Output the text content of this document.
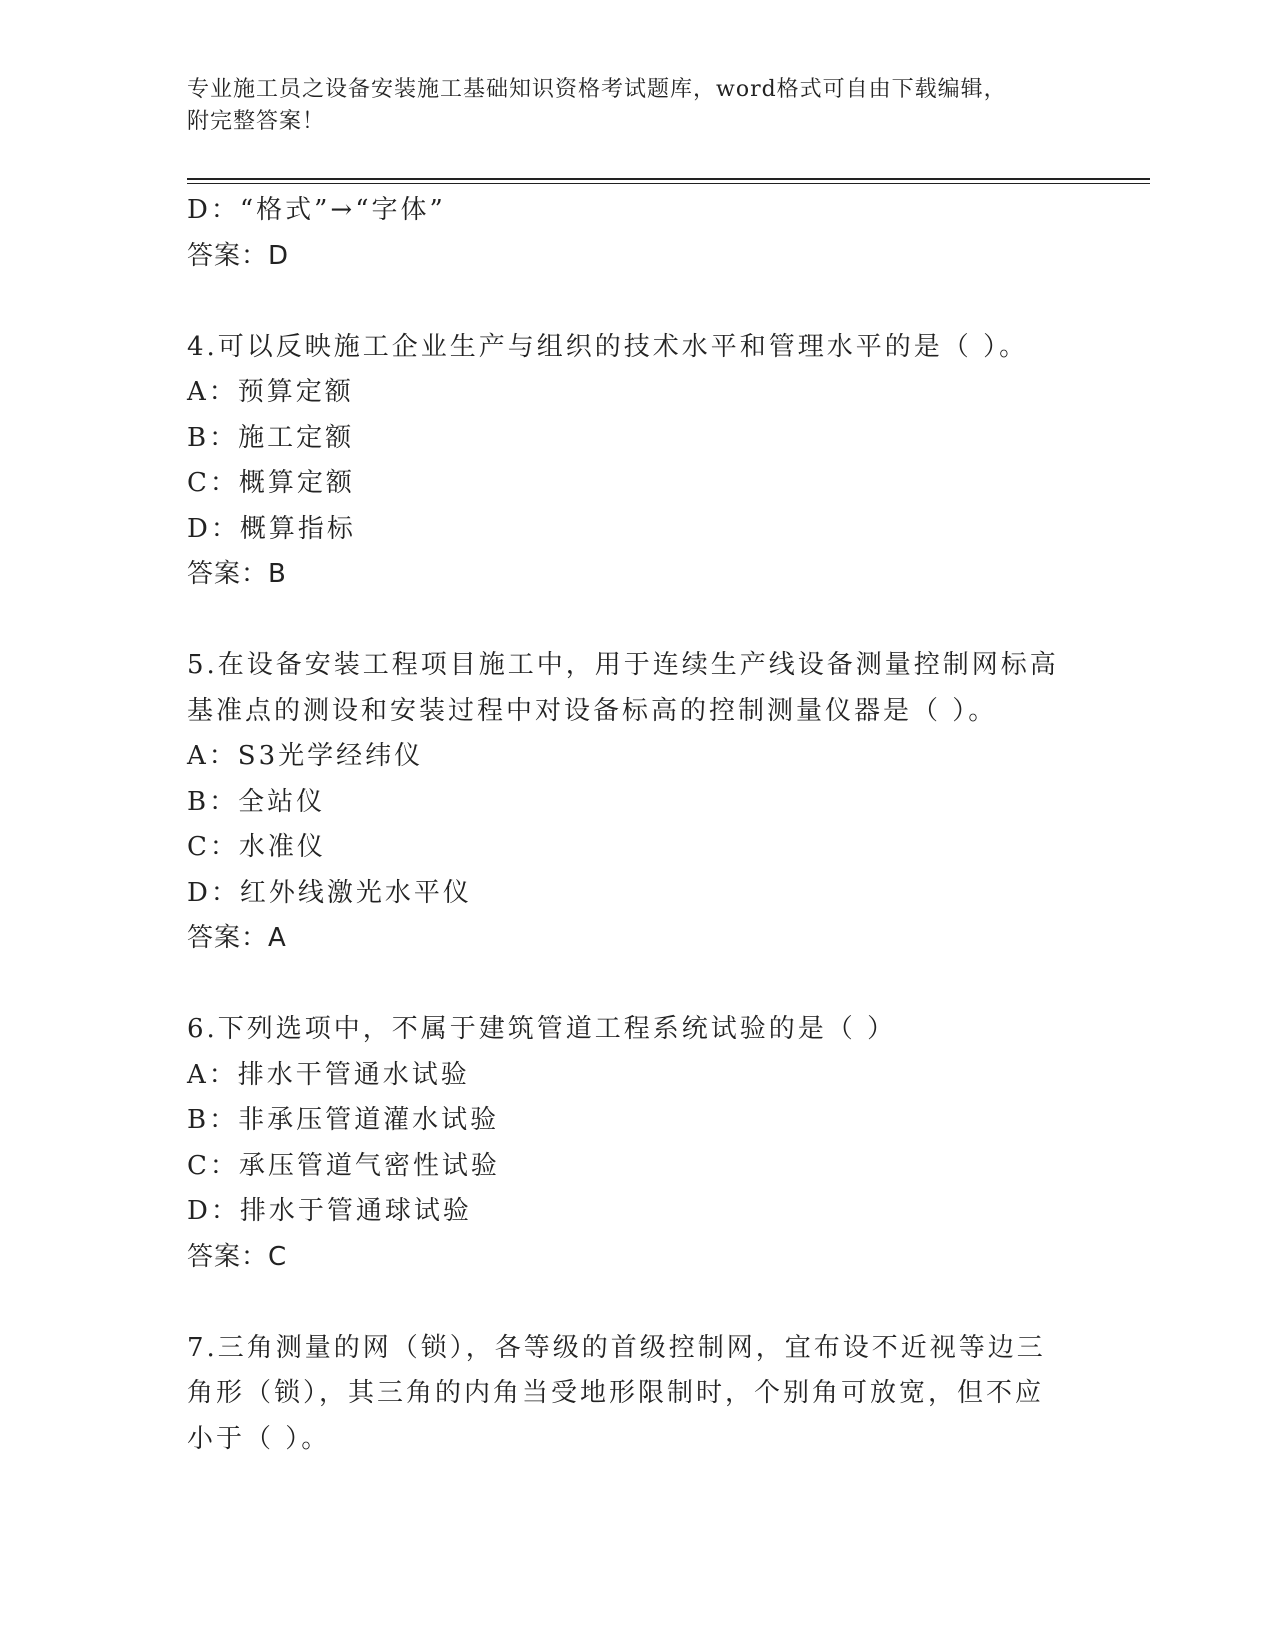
专业施工员之设备安装施工基础知识资格考试题库，word格式可自由下载编辑，
附完整答案！
D：“格式”→“字体”
答案：D
4.可以反映施工企业生产与组织的技术水平和管理水平的是（ ）。
A：预算定额
B：施工定额
C：概算定额
D：概算指标
答案：B
5.在设备安装工程项目施工中，用于连续生产线设备测量控制网标高
基准点的测设和安装过程中对设备标高的控制测量仪器是（ ）。
A：S3光学经纬仪
B：全站仪
C：水准仪
D：红外线激光水平仪
答案：A
6.下列选项中，不属于建筑管道工程系统试验的是（ ）
A：排水干管通水试验
B：非承压管道灌水试验
C：承压管道气密性试验
D：排水于管通球试验
答案：C
7.三角测量的网（锁），各等级的首级控制网，宜布设不近视等边三
角形（锁），其三角的内角当受地形限制时，个别角可放宽，但不应
小于（ ）。
